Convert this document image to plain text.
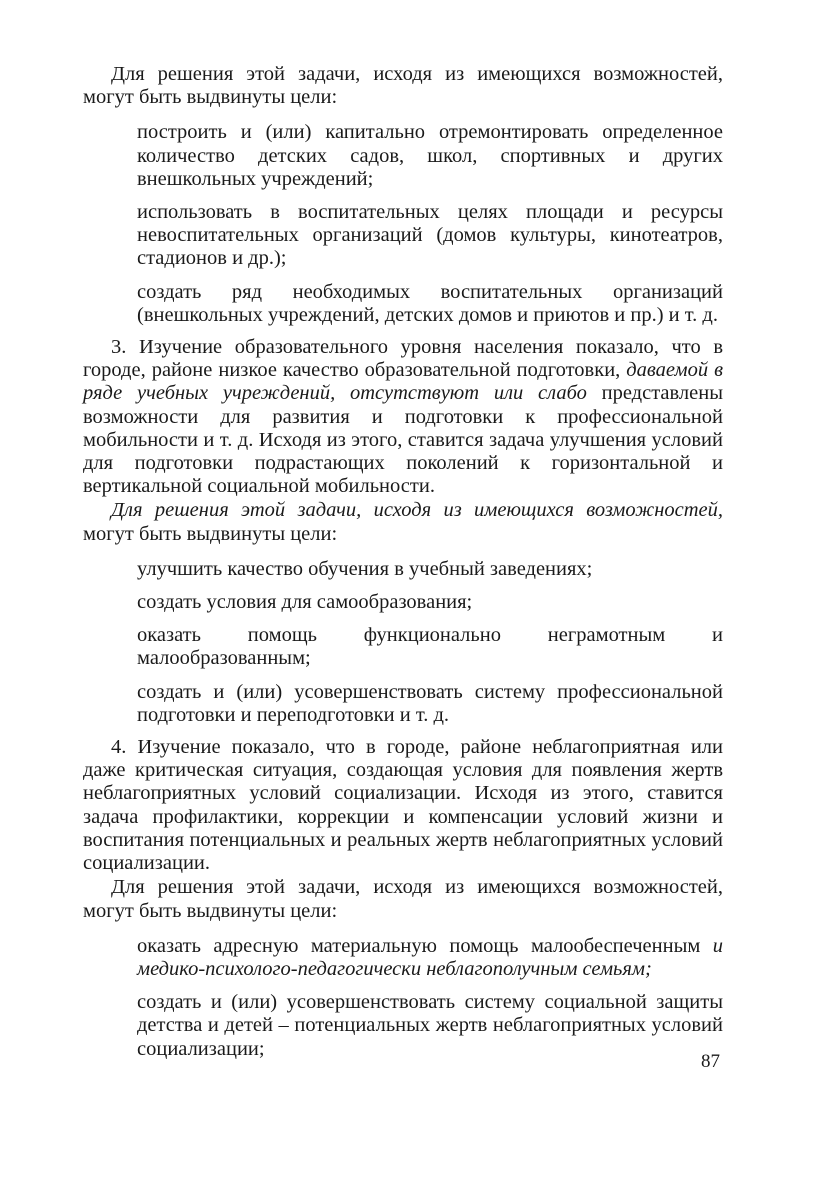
Для решения этой задачи, исходя из имеющихся возможностей, могут быть выдвинуты цели:

построить и (или) капитально отремонтировать определенное количество детских садов, школ, спортивных и других внешкольных учреждений;

использовать в воспитательных целях площади и ресурсы невоспитательных организаций (домов культуры, кинотеатров, стадионов и др.);

создать ряд необходимых воспитательных организаций (внешкольных учреждений, детских домов и приютов и пр.) и т. д.

3. Изучение образовательного уровня населения показало, что в городе, районе низкое качество образовательной подготовки, даваемой в ряде учебных учреждений, отсутствуют или слабо представлены возможности для развития и подготовки к профессиональной мобильности и т. д. Исходя из этого, ставится задача улучшения условий для подготовки подрастающих поколений к горизонтальной и вертикальной социальной мобильности.

Для решения этой задачи, исходя из имеющихся возможностей, могут быть выдвинуты цели:

улучшить качество обучения в учебный заведениях;

создать условия для самообразования;

оказать помощь функционально неграмотным и малообразованным;

создать и (или) усовершенствовать систему профессиональной подготовки и переподготовки и т. д.

4. Изучение показало, что в городе, районе неблагоприятная или даже критическая ситуация, создающая условия для появления жертв неблагоприятных условий социализации. Исходя из этого, ставится задача профилактики, коррекции и компенсации условий жизни и воспитания потенциальных и реальных жертв неблагоприятных условий социализации.

Для решения этой задачи, исходя из имеющихся возможностей, могут быть выдвинуты цели:

оказать адресную материальную помощь малообеспеченным и медико-психолого-педагогически неблагополучным семьям;

создать и (или) усовершенствовать систему социальной защиты детства и детей – потенциальных жертв неблагоприятных условий социализации;

87
